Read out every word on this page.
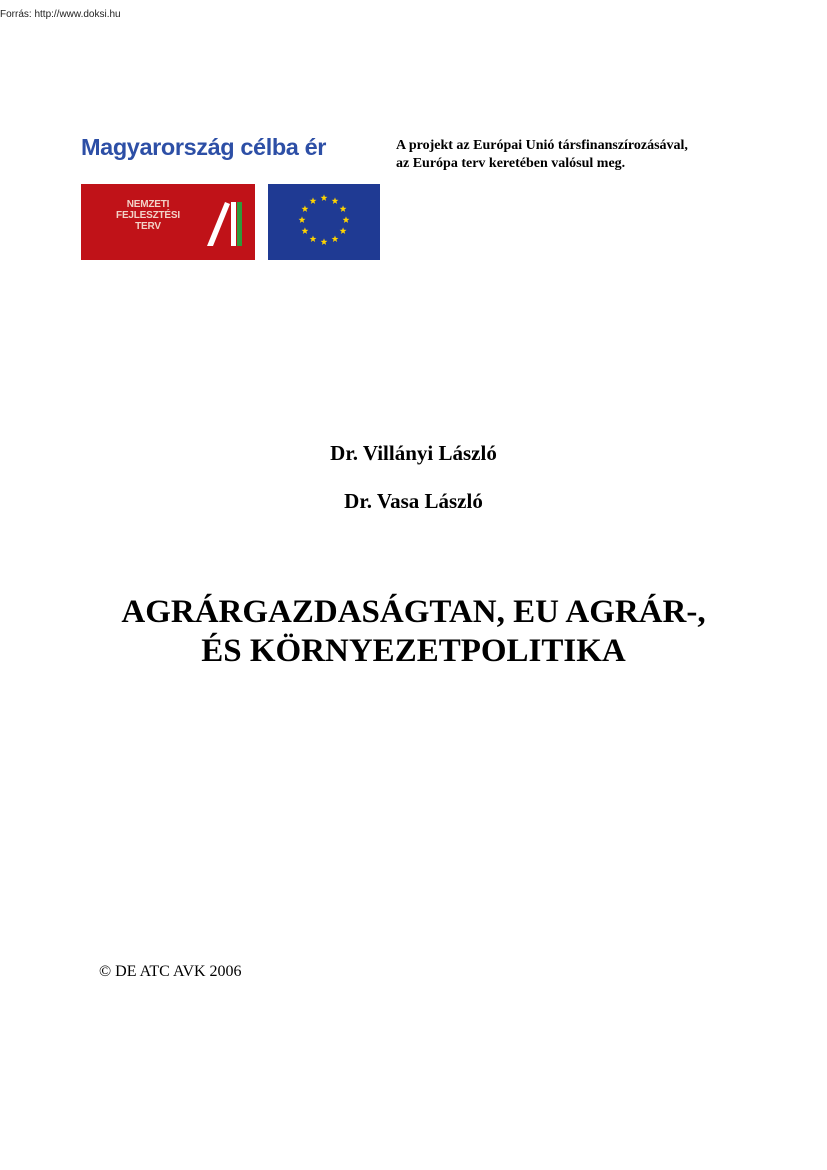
Forrás: http://www.doksi.hu
Magyarország célba ér
NEMZETI
FEJLESZTÉSI
TERV
A projekt az Európai Unió társfinanszírozásával,
az Európa terv keretében valósul meg.
Dr. Villányi László
Dr. Vasa László
AGRÁRGAZDASÁGTAN, EU AGRÁR-,
ÉS KÖRNYEZETPOLITIKA
© DE ATC AVK 2006
